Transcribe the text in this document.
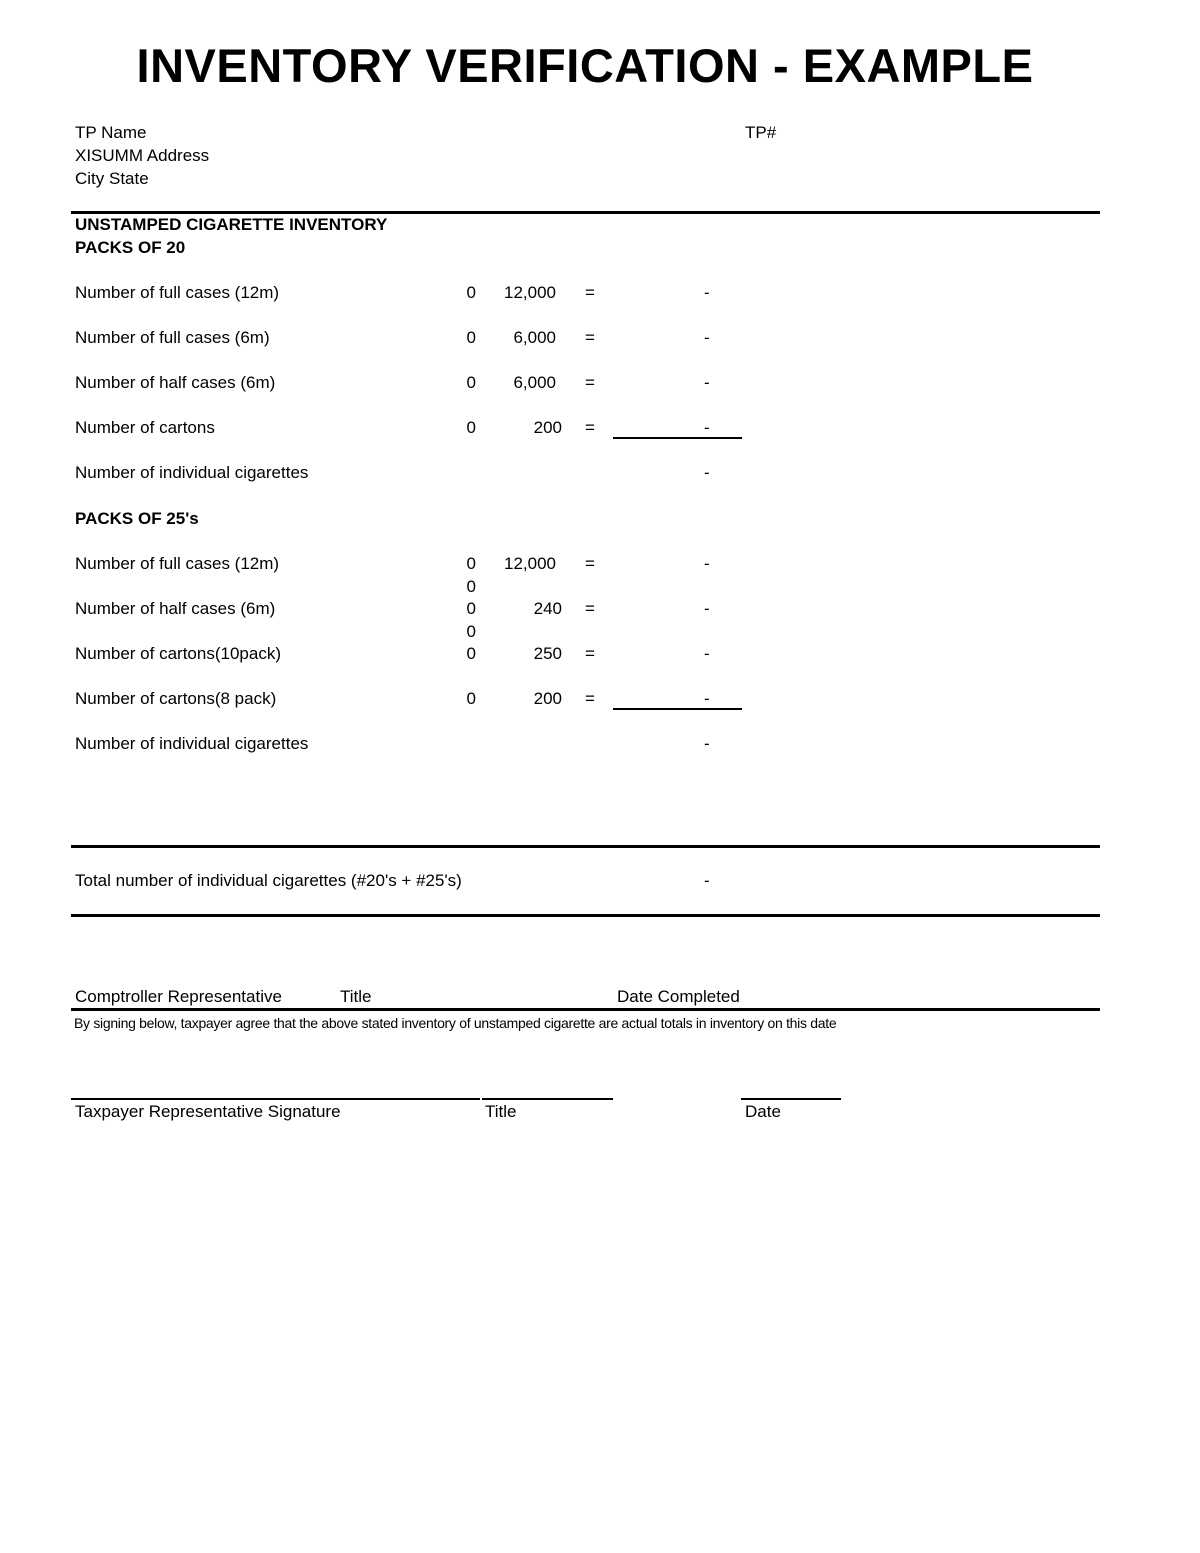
INVENTORY VERIFICATION - EXAMPLE
TP Name
XISUMM Address
City State
TP#
UNSTAMPED CIGARETTE INVENTORY
PACKS OF 20
Number of full cases (12m)	0	12,000 =	-
Number of full cases (6m)	0	6,000 =	-
Number of half cases (6m)	0	6,000 =	-
Number of cartons	0	200 =	-
Number of individual cigarettes	-
PACKS OF 25's
Number of full cases (12m)	0	12,000 =	-
0
Number of half cases (6m)	0	240 =	-
0
Number of cartons(10pack)	0	250 =	-
Number of cartons(8 pack)	0	200 =	-
Number of individual cigarettes	-
Total number of individual cigarettes (#20's + #25's)	-
Comptroller Representative	Title	Date Completed
By signing below, taxpayer agree that the above stated inventory of unstamped cigarette are actual totals in inventory on this date
Taxpayer Representative Signature	Title	Date
